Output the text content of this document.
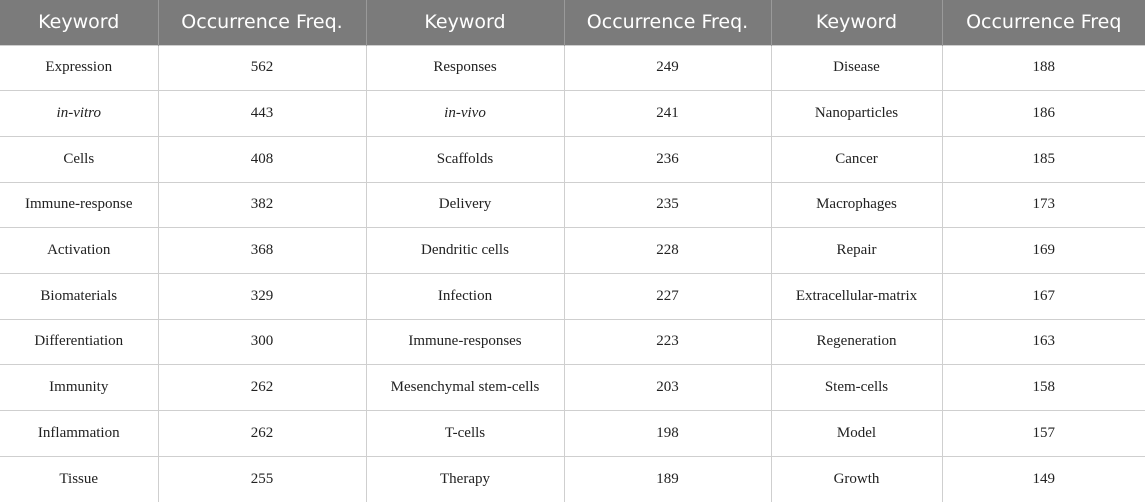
Keyword	Occurrence Freq.	Keyword	Occurrence Freq.	Keyword	Occurrence Freq
Expression	562	Responses	249	Disease	188
in-vitro	443	in-vivo	241	Nanoparticles	186
Cells	408	Scaffolds	236	Cancer	185
Immune-response	382	Delivery	235	Macrophages	173
Activation	368	Dendritic cells	228	Repair	169
Biomaterials	329	Infection	227	Extracellular-matrix	167
Differentiation	300	Immune-responses	223	Regeneration	163
Immunity	262	Mesenchymal stem-cells	203	Stem-cells	158
Inflammation	262	T-cells	198	Model	157
Tissue	255	Therapy	189	Growth	149
